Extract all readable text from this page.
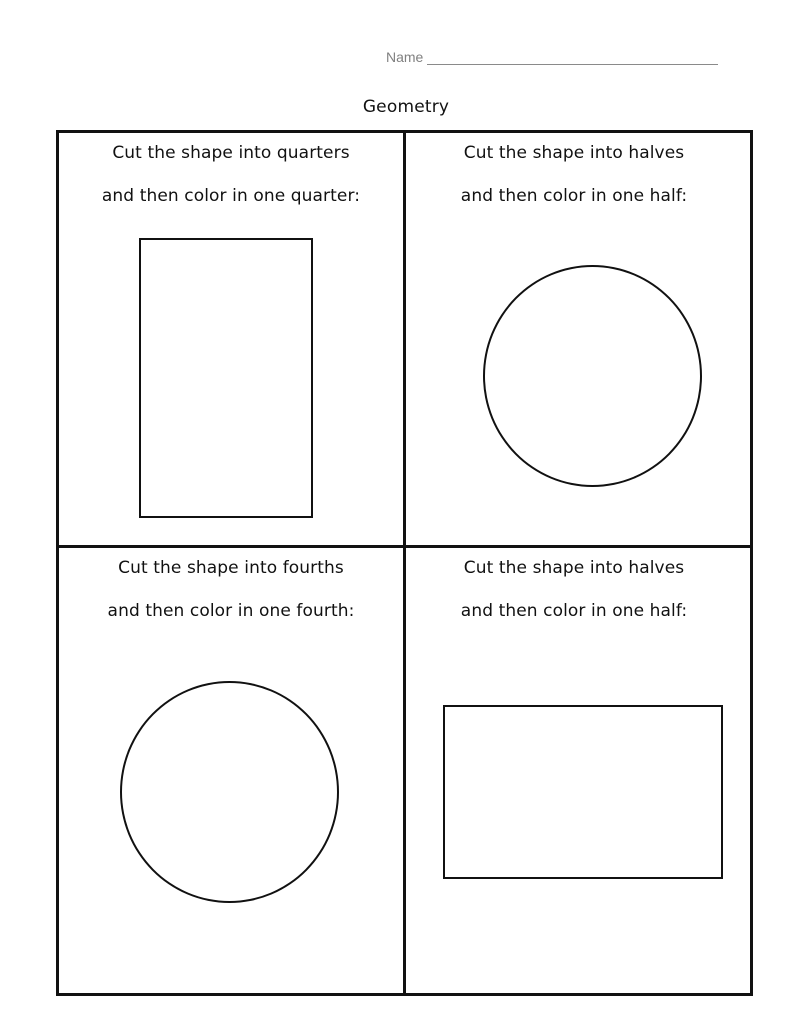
Name
Geometry
Cut the shape into quarters
and then color in one quarter:
Cut the shape into halves
and then color in one half:
Cut the shape into fourths
and then color in one fourth:
Cut the shape into halves
and then color in one half:
